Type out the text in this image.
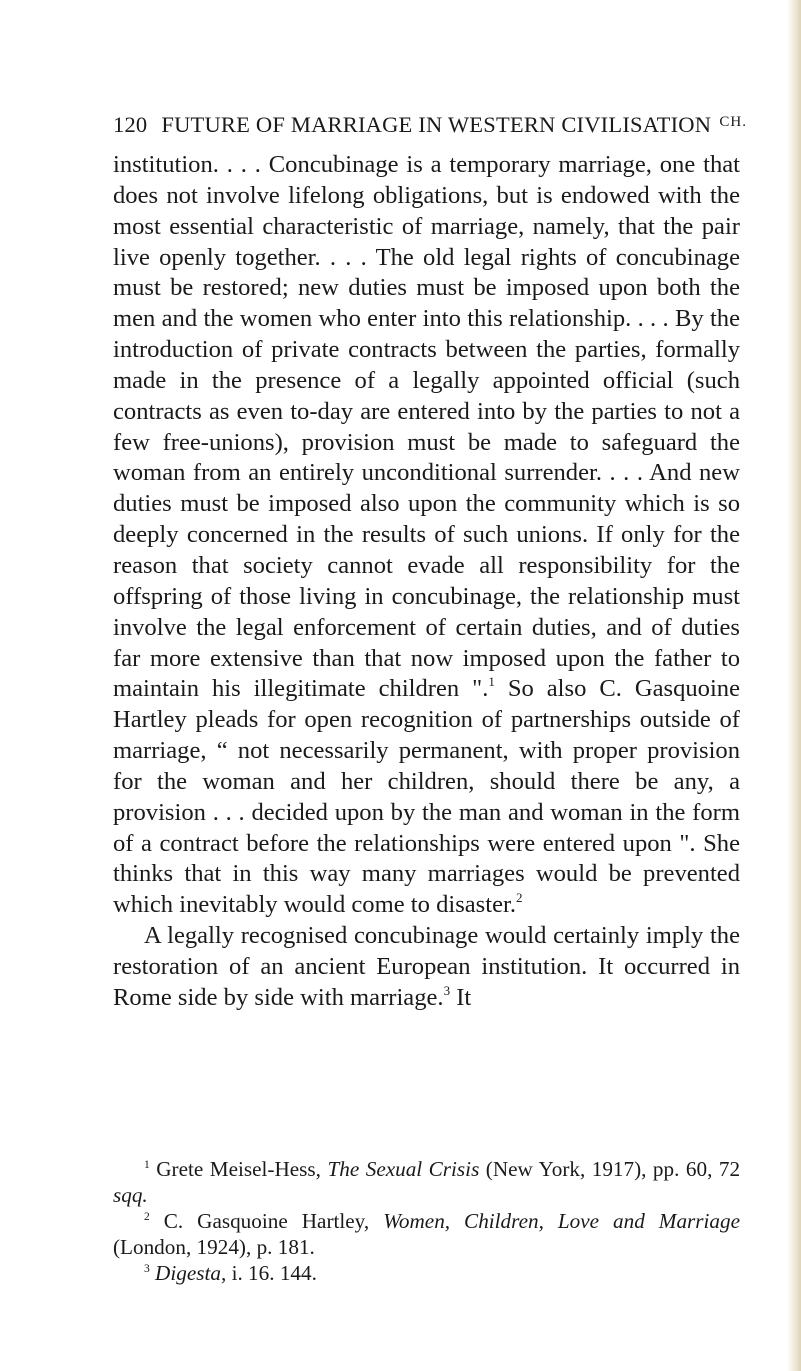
120 FUTURE OF MARRIAGE IN WESTERN CIVILISATION CH.

institution. . . . Concubinage is a temporary marriage, one that does not involve lifelong obligations, but is endowed with the most essential characteristic of marriage, namely, that the pair live openly together. . . . The old legal rights of concubinage must be restored; new duties must be imposed upon both the men and the women who enter into this relationship. . . . By the introduction of private contracts between the parties, formally made in the presence of a legally appointed official (such contracts as even to-day are entered into by the parties to not a few free-unions), provision must be made to safeguard the woman from an entirely unconditional surrender. . . . And new duties must be imposed also upon the community which is so deeply concerned in the results of such unions. If only for the reason that society cannot evade all responsibility for the offspring of those living in concubinage, the relationship must involve the legal enforcement of certain duties, and of duties far more extensive than that now imposed upon the father to maintain his illegitimate children ".$^1$ So also C. Gasquoine Hartley pleads for open recognition of partnerships outside of marriage, “ not necessarily permanent, with proper provision for the woman and her children, should there be any, a provision . . . decided upon by the man and woman in the form of a contract before the relationships were entered upon ". She thinks that in this way many marriages would be prevented which inevitably would come to disaster.$^2$

A legally recognised concubinage would certainly imply the restoration of an ancient European institution. It occurred in Rome side by side with marriage.$^3$ It

$^1$ Grete Meisel-Hess, The Sexual Crisis (New York, 1917), pp. 60, 72 sqq.

$^2$ C. Gasquoine Hartley, Women, Children, Love and Marriage (London, 1924), p. 181.

$^3$ Digesta, i. 16. 144.
